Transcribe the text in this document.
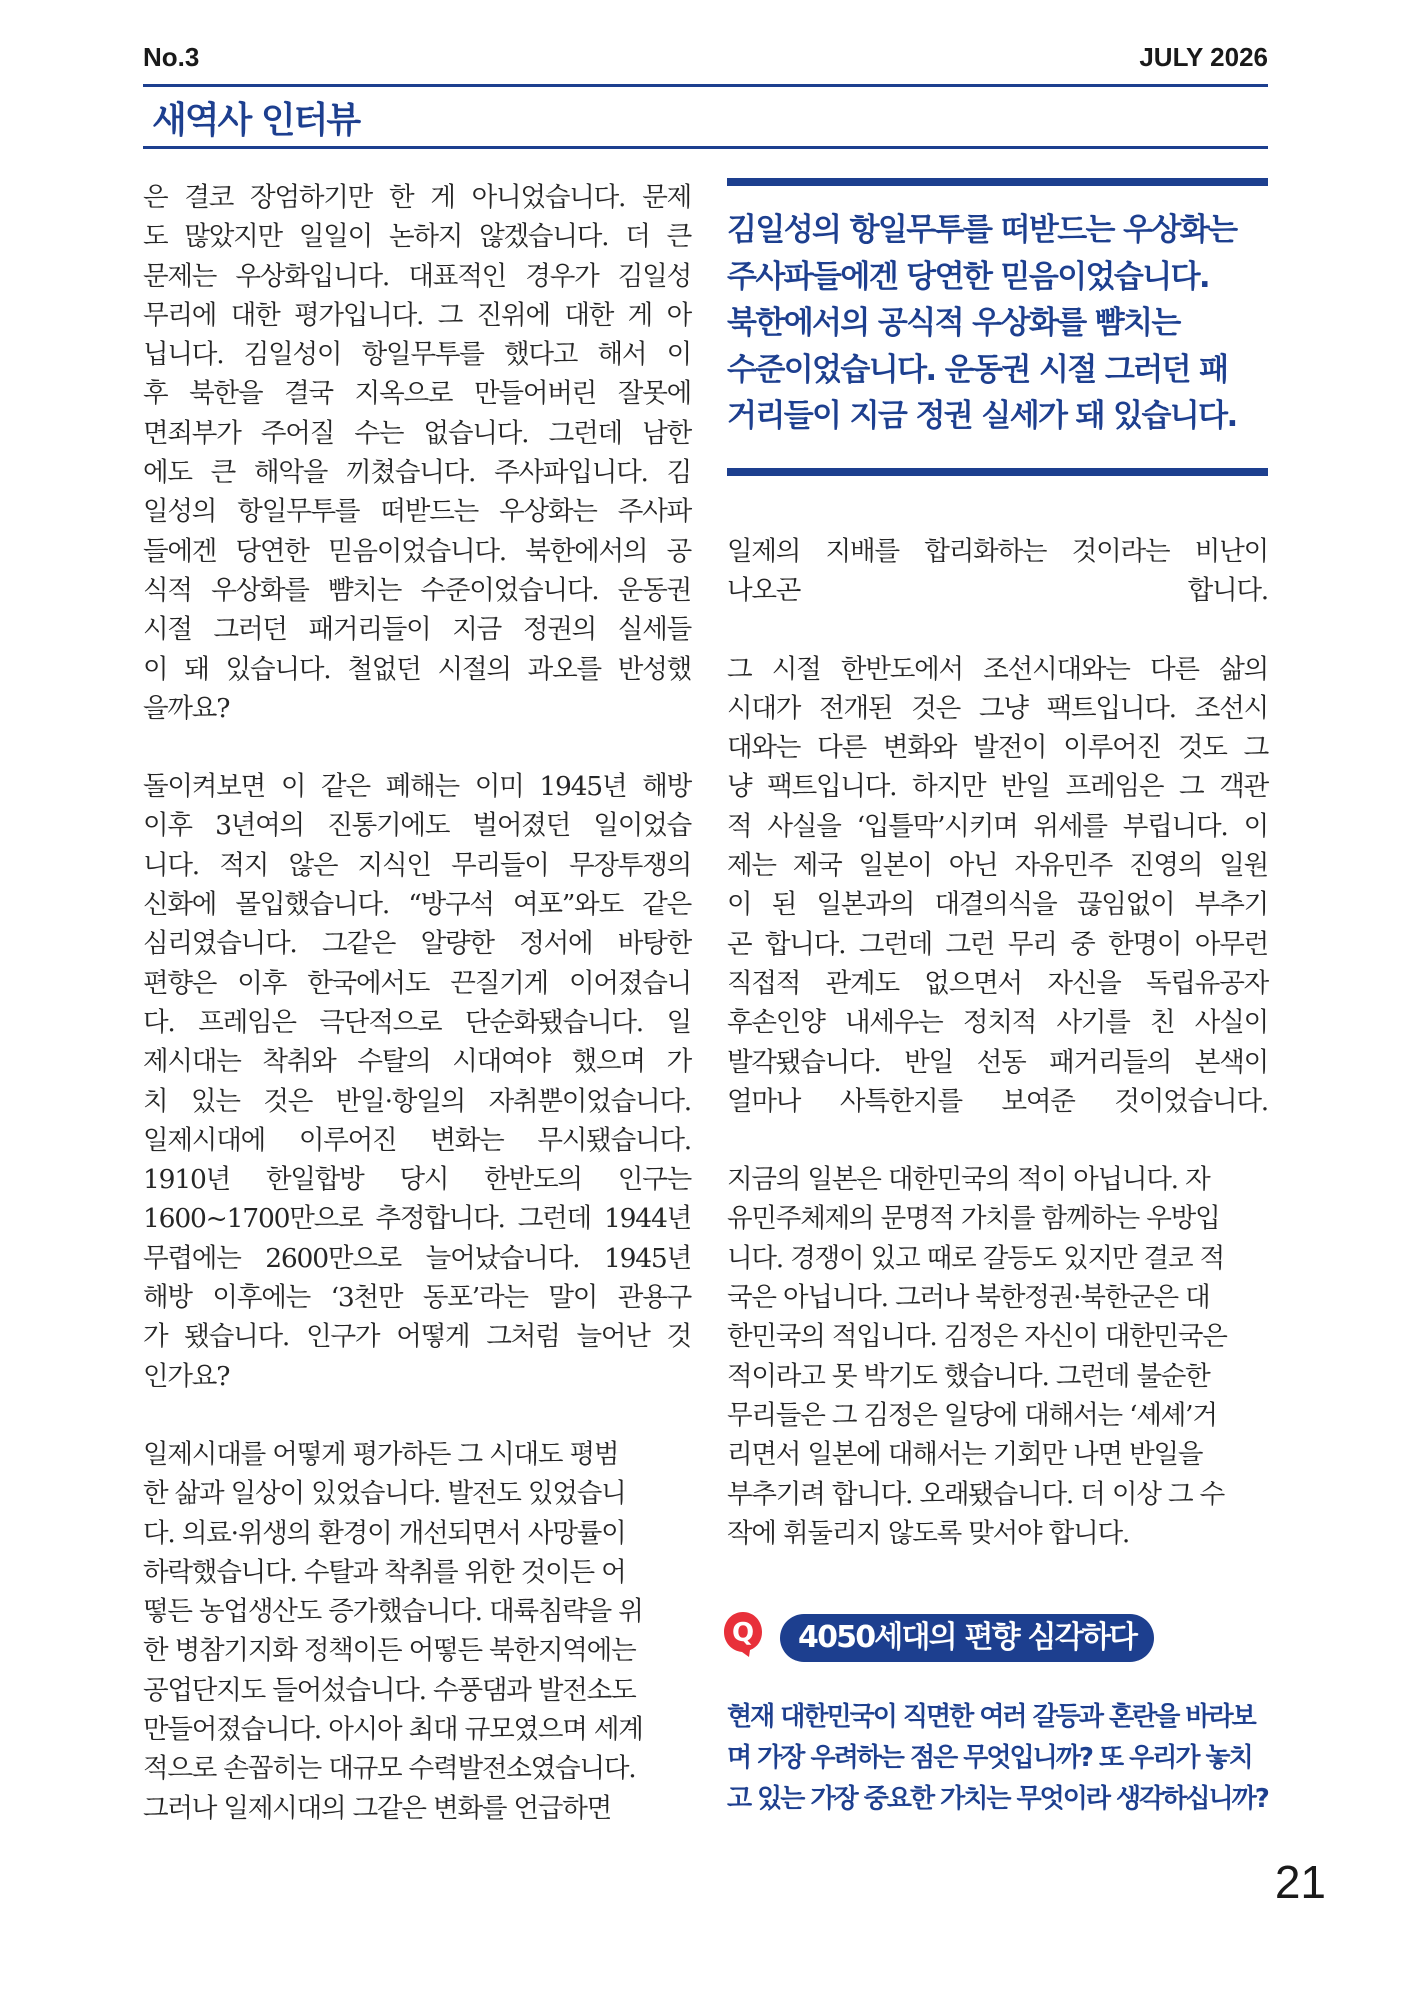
No.3	JULY 2026
새역사 인터뷰

은 결코 장엄하기만 한 게 아니었습니다. 문제
도 많았지만 일일이 논하지 않겠습니다. 더 큰
문제는 우상화입니다. 대표적인 경우가 김일성
무리에 대한 평가입니다. 그 진위에 대한 게 아
닙니다. 김일성이 항일무투를 했다고 해서 이
후 북한을 결국 지옥으로 만들어버린 잘못에
면죄부가 주어질 수는 없습니다. 그런데 남한
에도 큰 해악을 끼쳤습니다. 주사파입니다. 김
일성의 항일무투를 떠받드는 우상화는 주사파
들에겐 당연한 믿음이었습니다. 북한에서의 공
식적 우상화를 뺨치는 수준이었습니다. 운동권
시절 그러던 패거리들이 지금 정권의 실세들
이 돼 있습니다. 철없던 시절의 과오를 반성했
을까요?

돌이켜보면 이 같은 폐해는 이미 1945년 해방
이후 3년여의 진통기에도 벌어졌던 일이었습
니다. 적지 않은 지식인 무리들이 무장투쟁의
신화에 몰입했습니다. “방구석 여포”와도 같은
심리였습니다. 그같은 알량한 정서에 바탕한
편향은 이후 한국에서도 끈질기게 이어졌습니
다. 프레임은 극단적으로 단순화됐습니다. 일
제시대는 착취와 수탈의 시대여야 했으며 가
치 있는 것은 반일·항일의 자취뿐이었습니다.
일제시대에 이루어진 변화는 무시됐습니다.
1910년 한일합방 당시 한반도의 인구는
1600~1700만으로 추정합니다. 그런데 1944년
무렵에는 2600만으로 늘어났습니다. 1945년
해방 이후에는 ‘3천만 동포’라는 말이 관용구
가 됐습니다. 인구가 어떻게 그처럼 늘어난 것
인가요?

일제시대를 어떻게 평가하든 그 시대도 평범
한 삶과 일상이 있었습니다. 발전도 있었습니
다. 의료·위생의 환경이 개선되면서 사망률이
하락했습니다. 수탈과 착취를 위한 것이든 어
떻든 농업생산도 증가했습니다. 대륙침략을 위
한 병참기지화 정책이든 어떻든 북한지역에는
공업단지도 들어섰습니다. 수풍댐과 발전소도
만들어졌습니다. 아시아 최대 규모였으며 세계
적으로 손꼽히는 대규모 수력발전소였습니다.
그러나 일제시대의 그같은 변화를 언급하면

김일성의 항일무투를 떠받드는 우상화는
주사파들에겐 당연한 믿음이었습니다.
북한에서의 공식적 우상화를 뺨치는
수준이었습니다. 운동권 시절 그러던 패
거리들이 지금 정권 실세가 돼 있습니다.

일제의 지배를 합리화하는 것이라는 비난이
나오곤 합니다.

그 시절 한반도에서 조선시대와는 다른 삶의
시대가 전개된 것은 그냥 팩트입니다. 조선시
대와는 다른 변화와 발전이 이루어진 것도 그
냥 팩트입니다. 하지만 반일 프레임은 그 객관
적 사실을 ‘입틀막’시키며 위세를 부립니다. 이
제는 제국 일본이 아닌 자유민주 진영의 일원
이 된 일본과의 대결의식을 끊임없이 부추기
곤 합니다. 그런데 그런 무리 중 한명이 아무런
직접적 관계도 없으면서 자신을 독립유공자
후손인양 내세우는 정치적 사기를 친 사실이
발각됐습니다. 반일 선동 패거리들의 본색이
얼마나 사특한지를 보여준 것이었습니다.

지금의 일본은 대한민국의 적이 아닙니다. 자
유민주체제의 문명적 가치를 함께하는 우방입
니다. 경쟁이 있고 때로 갈등도 있지만 결코 적
국은 아닙니다. 그러나 북한정권·북한군은 대
한민국의 적입니다. 김정은 자신이 대한민국은
적이라고 못 박기도 했습니다. 그런데 불순한
무리들은 그 김정은 일당에 대해서는 ‘셰셰’거
리면서 일본에 대해서는 기회만 나면 반일을
부추기려 합니다. 오래됐습니다. 더 이상 그 수
작에 휘둘리지 않도록 맞서야 합니다.

Q	4050세대의 편향 심각하다

현재 대한민국이 직면한 여러 갈등과 혼란을 바라보
며 가장 우려하는 점은 무엇입니까? 또 우리가 놓치
고 있는 가장 중요한 가치는 무엇이라 생각하십니까?

21
